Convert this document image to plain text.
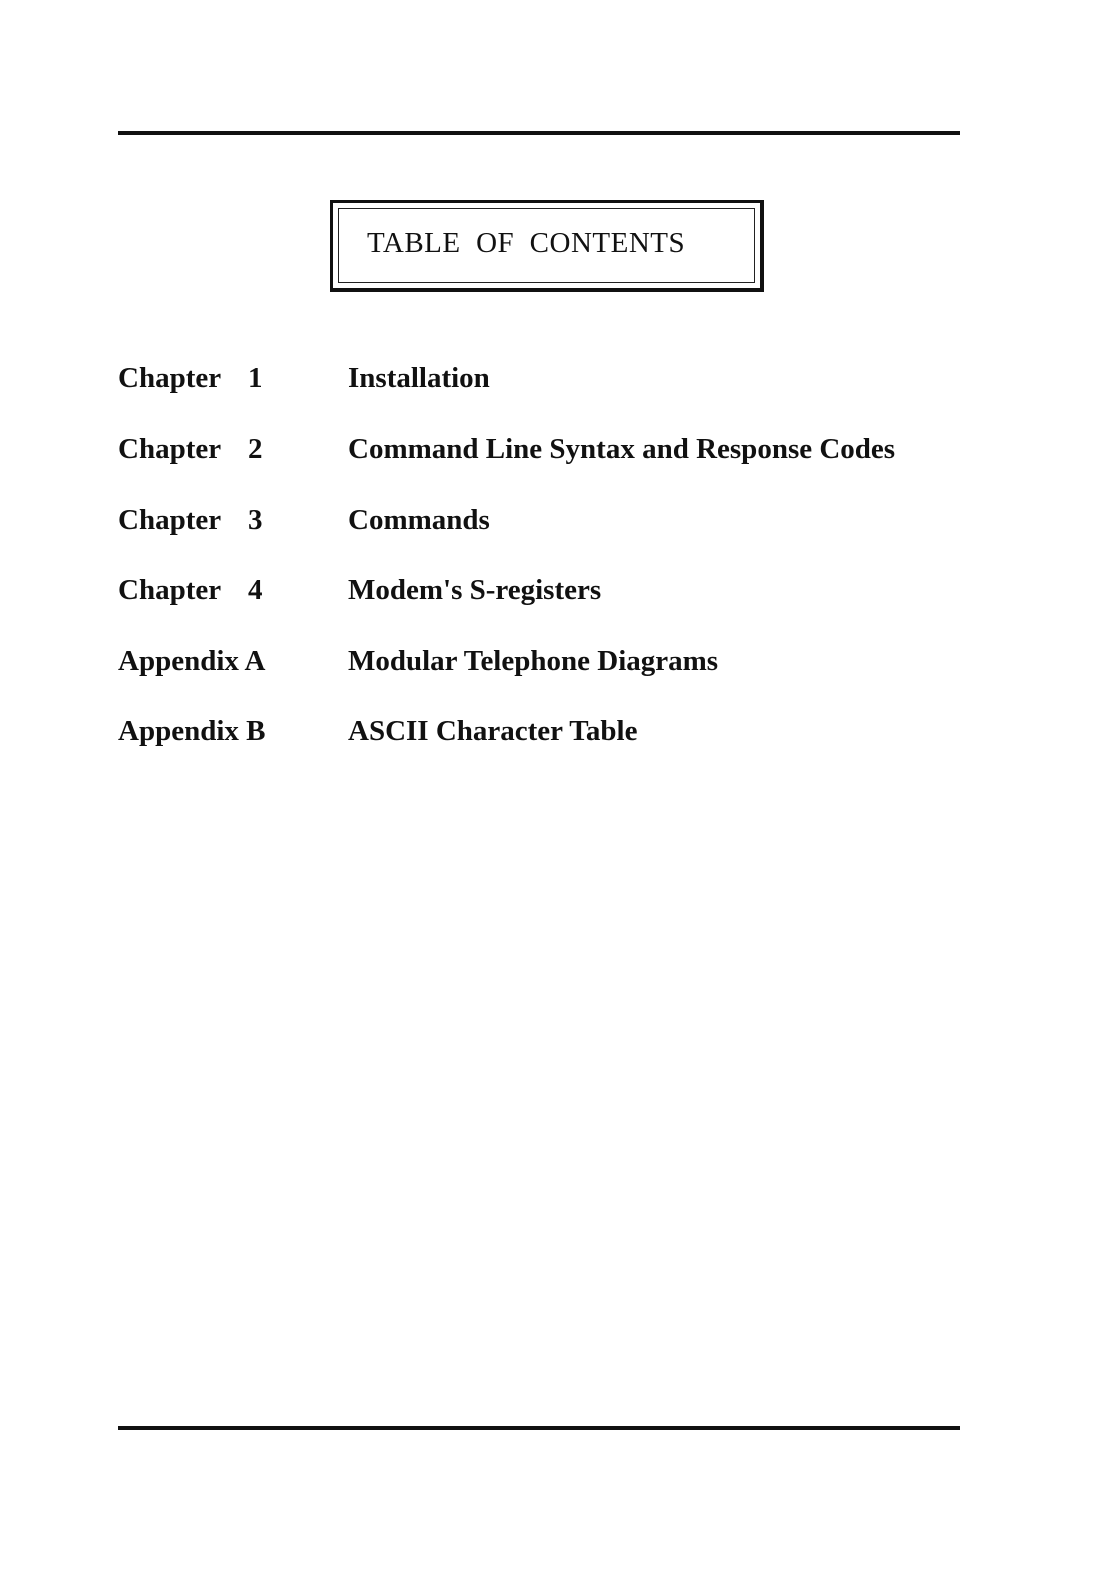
TABLE  OF  CONTENTS
Chapter 1	Installation
Chapter 2	Command Line Syntax and Response Codes
Chapter 3	Commands
Chapter 4	Modem's S-registers
Appendix A	Modular Telephone Diagrams
Appendix B	ASCII Character Table
